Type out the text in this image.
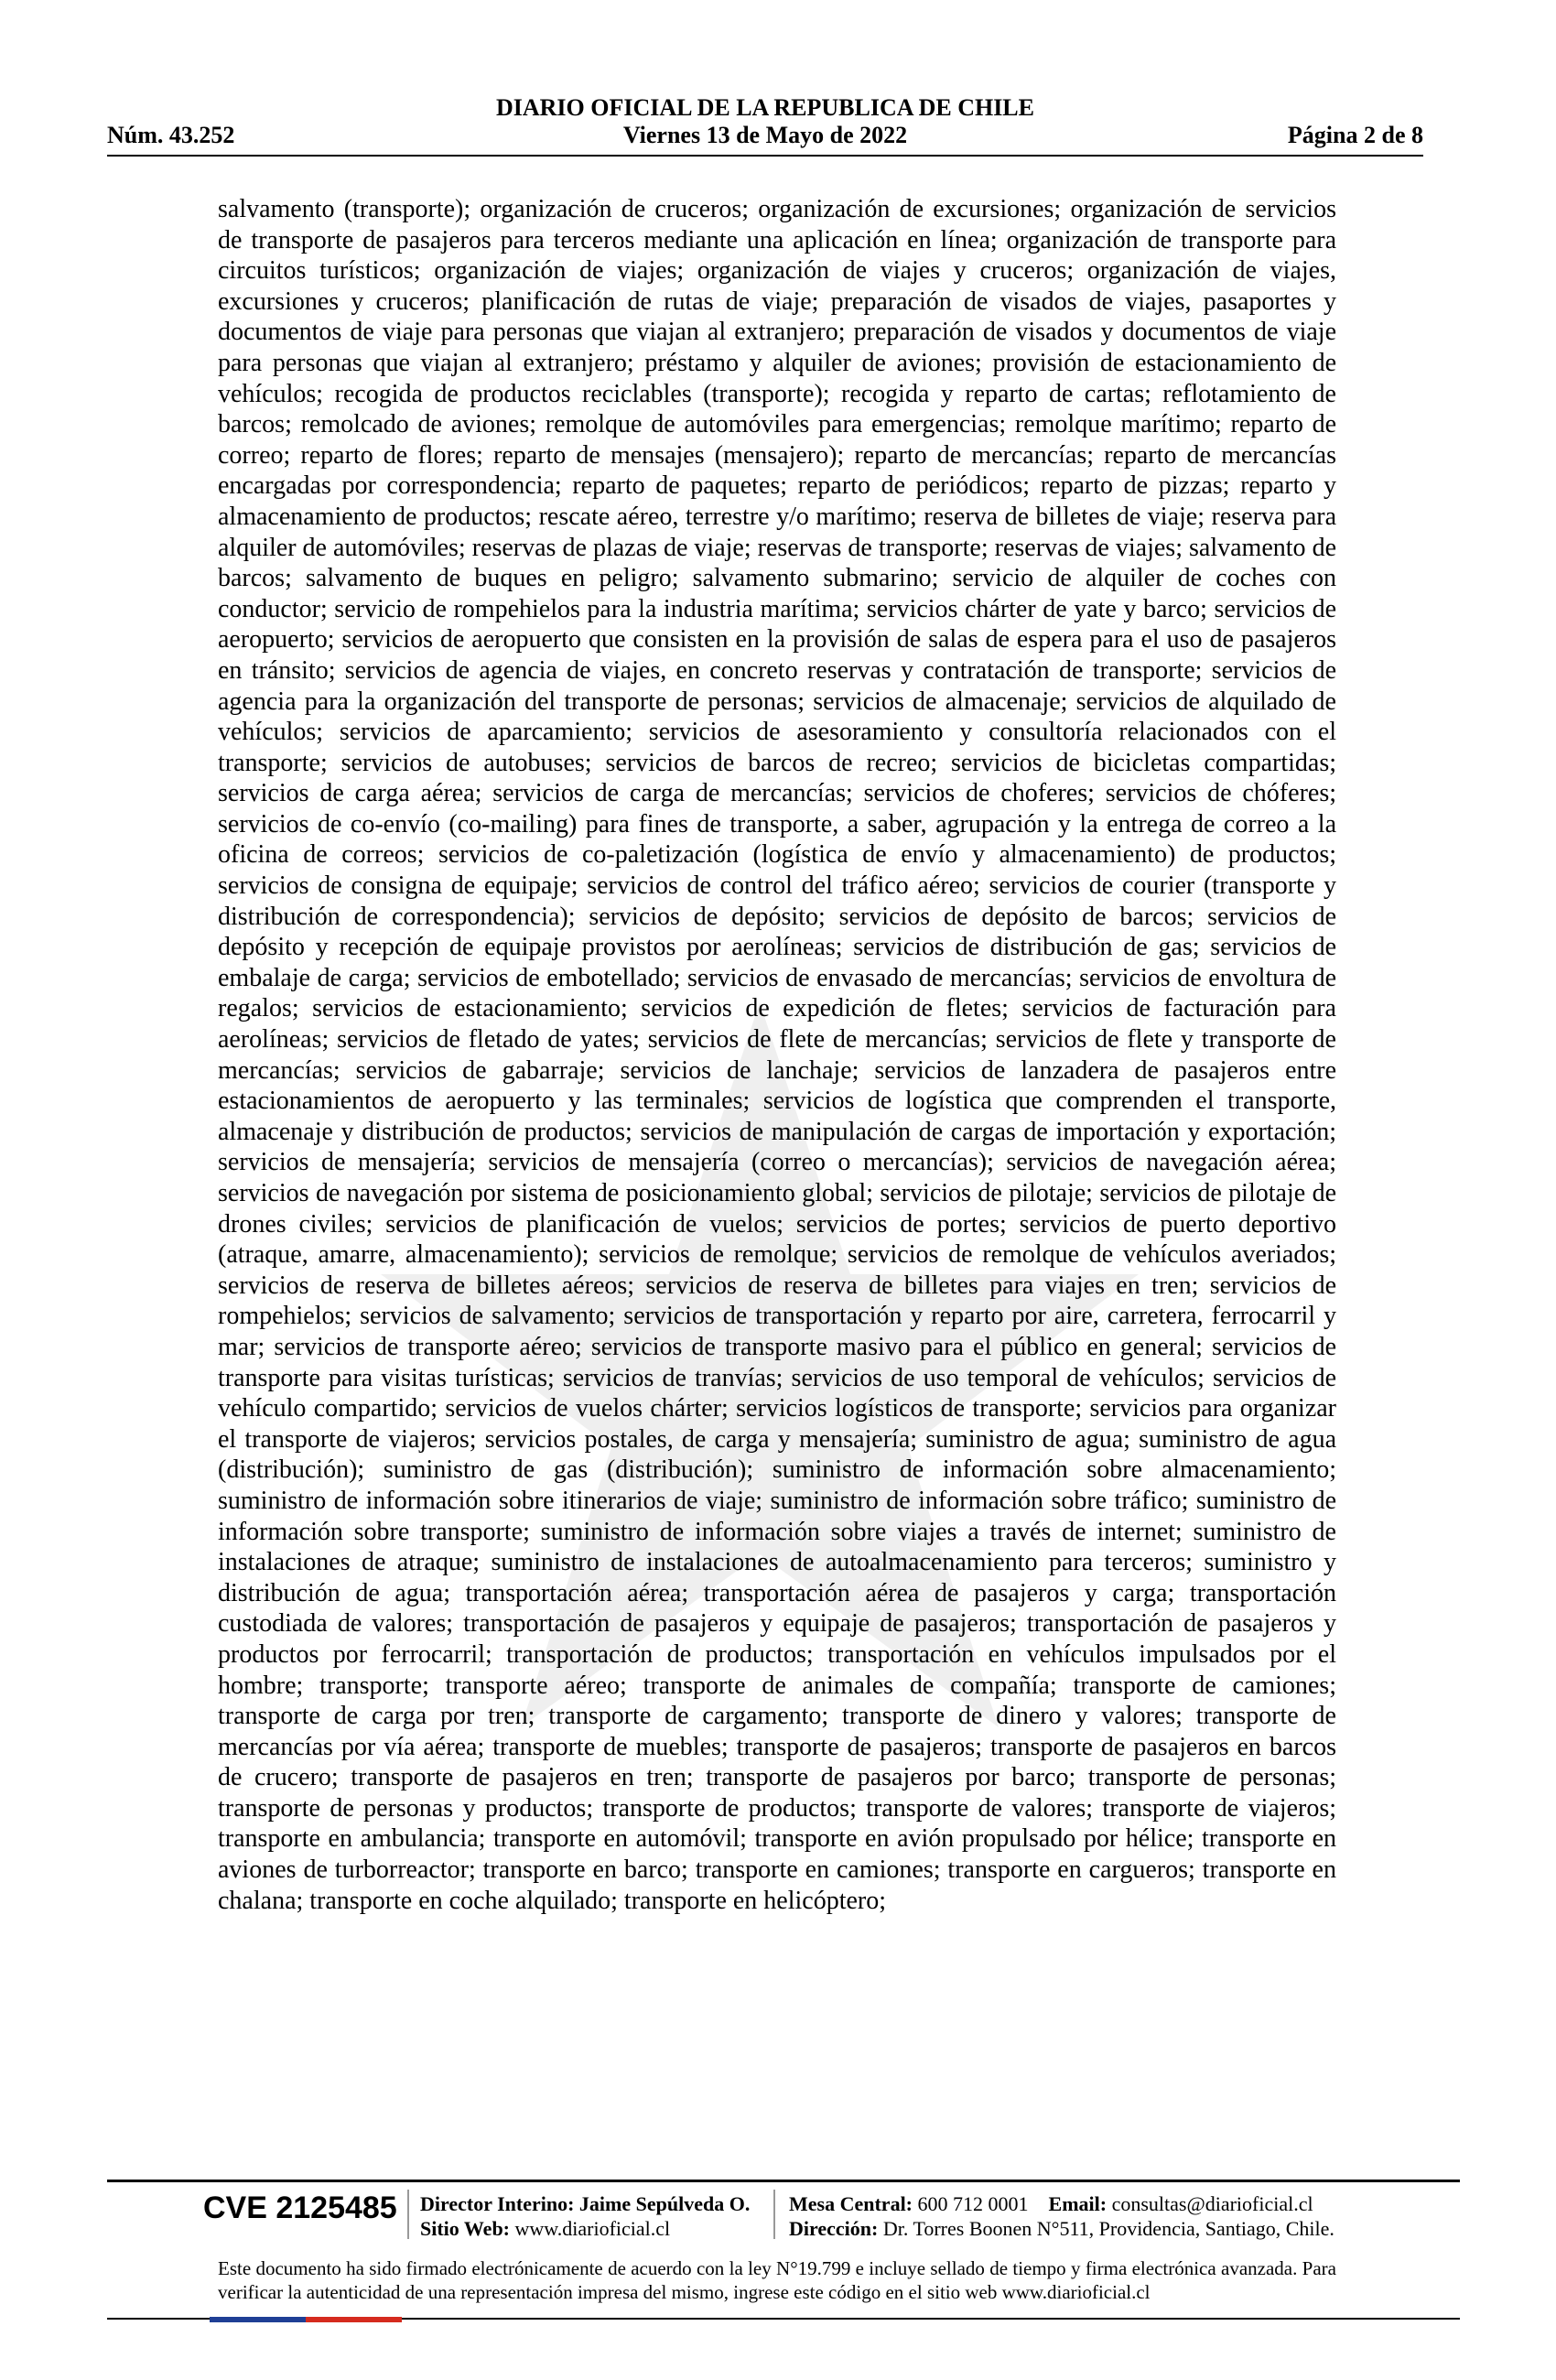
DIARIO OFICIAL DE LA REPUBLICA DE CHILE
Núm. 43.252	Viernes 13 de Mayo de 2022	Página 2 de 8
salvamento (transporte); organización de cruceros; organización de excursiones; organización de servicios de transporte de pasajeros para terceros mediante una aplicación en línea; organización de transporte para circuitos turísticos; organización de viajes; organización de viajes y cruceros; organización de viajes, excursiones y cruceros; planificación de rutas de viaje; preparación de visados de viajes, pasaportes y documentos de viaje para personas que viajan al extranjero; preparación de visados y documentos de viaje para personas que viajan al extranjero; préstamo y alquiler de aviones; provisión de estacionamiento de vehículos; recogida de productos reciclables (transporte); recogida y reparto de cartas; reflotamiento de barcos; remolcado de aviones; remolque de automóviles para emergencias; remolque marítimo; reparto de correo; reparto de flores; reparto de mensajes (mensajero); reparto de mercancías; reparto de mercancías encargadas por correspondencia; reparto de paquetes; reparto de periódicos; reparto de pizzas; reparto y almacenamiento de productos; rescate aéreo, terrestre y/o marítimo; reserva de billetes de viaje; reserva para alquiler de automóviles; reservas de plazas de viaje; reservas de transporte; reservas de viajes; salvamento de barcos; salvamento de buques en peligro; salvamento submarino; servicio de alquiler de coches con conductor; servicio de rompehielos para la industria marítima; servicios chárter de yate y barco; servicios de aeropuerto; servicios de aeropuerto que consisten en la provisión de salas de espera para el uso de pasajeros en tránsito; servicios de agencia de viajes, en concreto reservas y contratación de transporte; servicios de agencia para la organización del transporte de personas; servicios de almacenaje; servicios de alquilado de vehículos; servicios de aparcamiento; servicios de asesoramiento y consultoría relacionados con el transporte; servicios de autobuses; servicios de barcos de recreo; servicios de bicicletas compartidas; servicios de carga aérea; servicios de carga de mercancías; servicios de choferes; servicios de chóferes; servicios de co-envío (co-mailing) para fines de transporte, a saber, agrupación y la entrega de correo a la oficina de correos; servicios de co-paletización (logística de envío y almacenamiento) de productos; servicios de consigna de equipaje; servicios de control del tráfico aéreo; servicios de courier (transporte y distribución de correspondencia); servicios de depósito; servicios de depósito de barcos; servicios de depósito y recepción de equipaje provistos por aerolíneas; servicios de distribución de gas; servicios de embalaje de carga; servicios de embotellado; servicios de envasado de mercancías; servicios de envoltura de regalos; servicios de estacionamiento; servicios de expedición de fletes; servicios de facturación para aerolíneas; servicios de fletado de yates; servicios de flete de mercancías; servicios de flete y transporte de mercancías; servicios de gabarraje; servicios de lanchaje; servicios de lanzadera de pasajeros entre estacionamientos de aeropuerto y las terminales; servicios de logística que comprenden el transporte, almacenaje y distribución de productos; servicios de manipulación de cargas de importación y exportación; servicios de mensajería; servicios de mensajería (correo o mercancías); servicios de navegación aérea; servicios de navegación por sistema de posicionamiento global; servicios de pilotaje; servicios de pilotaje de drones civiles; servicios de planificación de vuelos; servicios de portes; servicios de puerto deportivo (atraque, amarre, almacenamiento); servicios de remolque; servicios de remolque de vehículos averiados; servicios de reserva de billetes aéreos; servicios de reserva de billetes para viajes en tren; servicios de rompehielos; servicios de salvamento; servicios de transportación y reparto por aire, carretera, ferrocarril y mar; servicios de transporte aéreo; servicios de transporte masivo para el público en general; servicios de transporte para visitas turísticas; servicios de tranvías; servicios de uso temporal de vehículos; servicios de vehículo compartido; servicios de vuelos chárter; servicios logísticos de transporte; servicios para organizar el transporte de viajeros; servicios postales, de carga y mensajería; suministro de agua; suministro de agua (distribución); suministro de gas (distribución); suministro de información sobre almacenamiento; suministro de información sobre itinerarios de viaje; suministro de información sobre tráfico; suministro de información sobre transporte; suministro de información sobre viajes a través de internet; suministro de instalaciones de atraque; suministro de instalaciones de autoalmacenamiento para terceros; suministro y distribución de agua; transportación aérea; transportación aérea de pasajeros y carga; transportación custodiada de valores; transportación de pasajeros y equipaje de pasajeros; transportación de pasajeros y productos por ferrocarril; transportación de productos; transportación en vehículos impulsados por el hombre; transporte; transporte aéreo; transporte de animales de compañía; transporte de camiones; transporte de carga por tren; transporte de cargamento; transporte de dinero y valores; transporte de mercancías por vía aérea; transporte de muebles; transporte de pasajeros; transporte de pasajeros en barcos de crucero; transporte de pasajeros en tren; transporte de pasajeros por barco; transporte de personas; transporte de personas y productos; transporte de productos; transporte de valores; transporte de viajeros; transporte en ambulancia; transporte en automóvil; transporte en avión propulsado por hélice; transporte en aviones de turborreactor; transporte en barco; transporte en camiones; transporte en cargueros; transporte en chalana; transporte en coche alquilado; transporte en helicóptero;
CVE 2125485 Director Interino: Jaime Sepúlveda O.
Sitio Web: www.diarioficial.cl
Mesa Central: 600 712 0001 Email: consultas@diarioficial.cl
Dirección: Dr. Torres Boonen N°511, Providencia, Santiago, Chile.
Este documento ha sido firmado electrónicamente de acuerdo con la ley N°19.799 e incluye sellado de tiempo y firma electrónica avanzada. Para verificar la autenticidad de una representación impresa del mismo, ingrese este código en el sitio web www.diarioficial.cl
